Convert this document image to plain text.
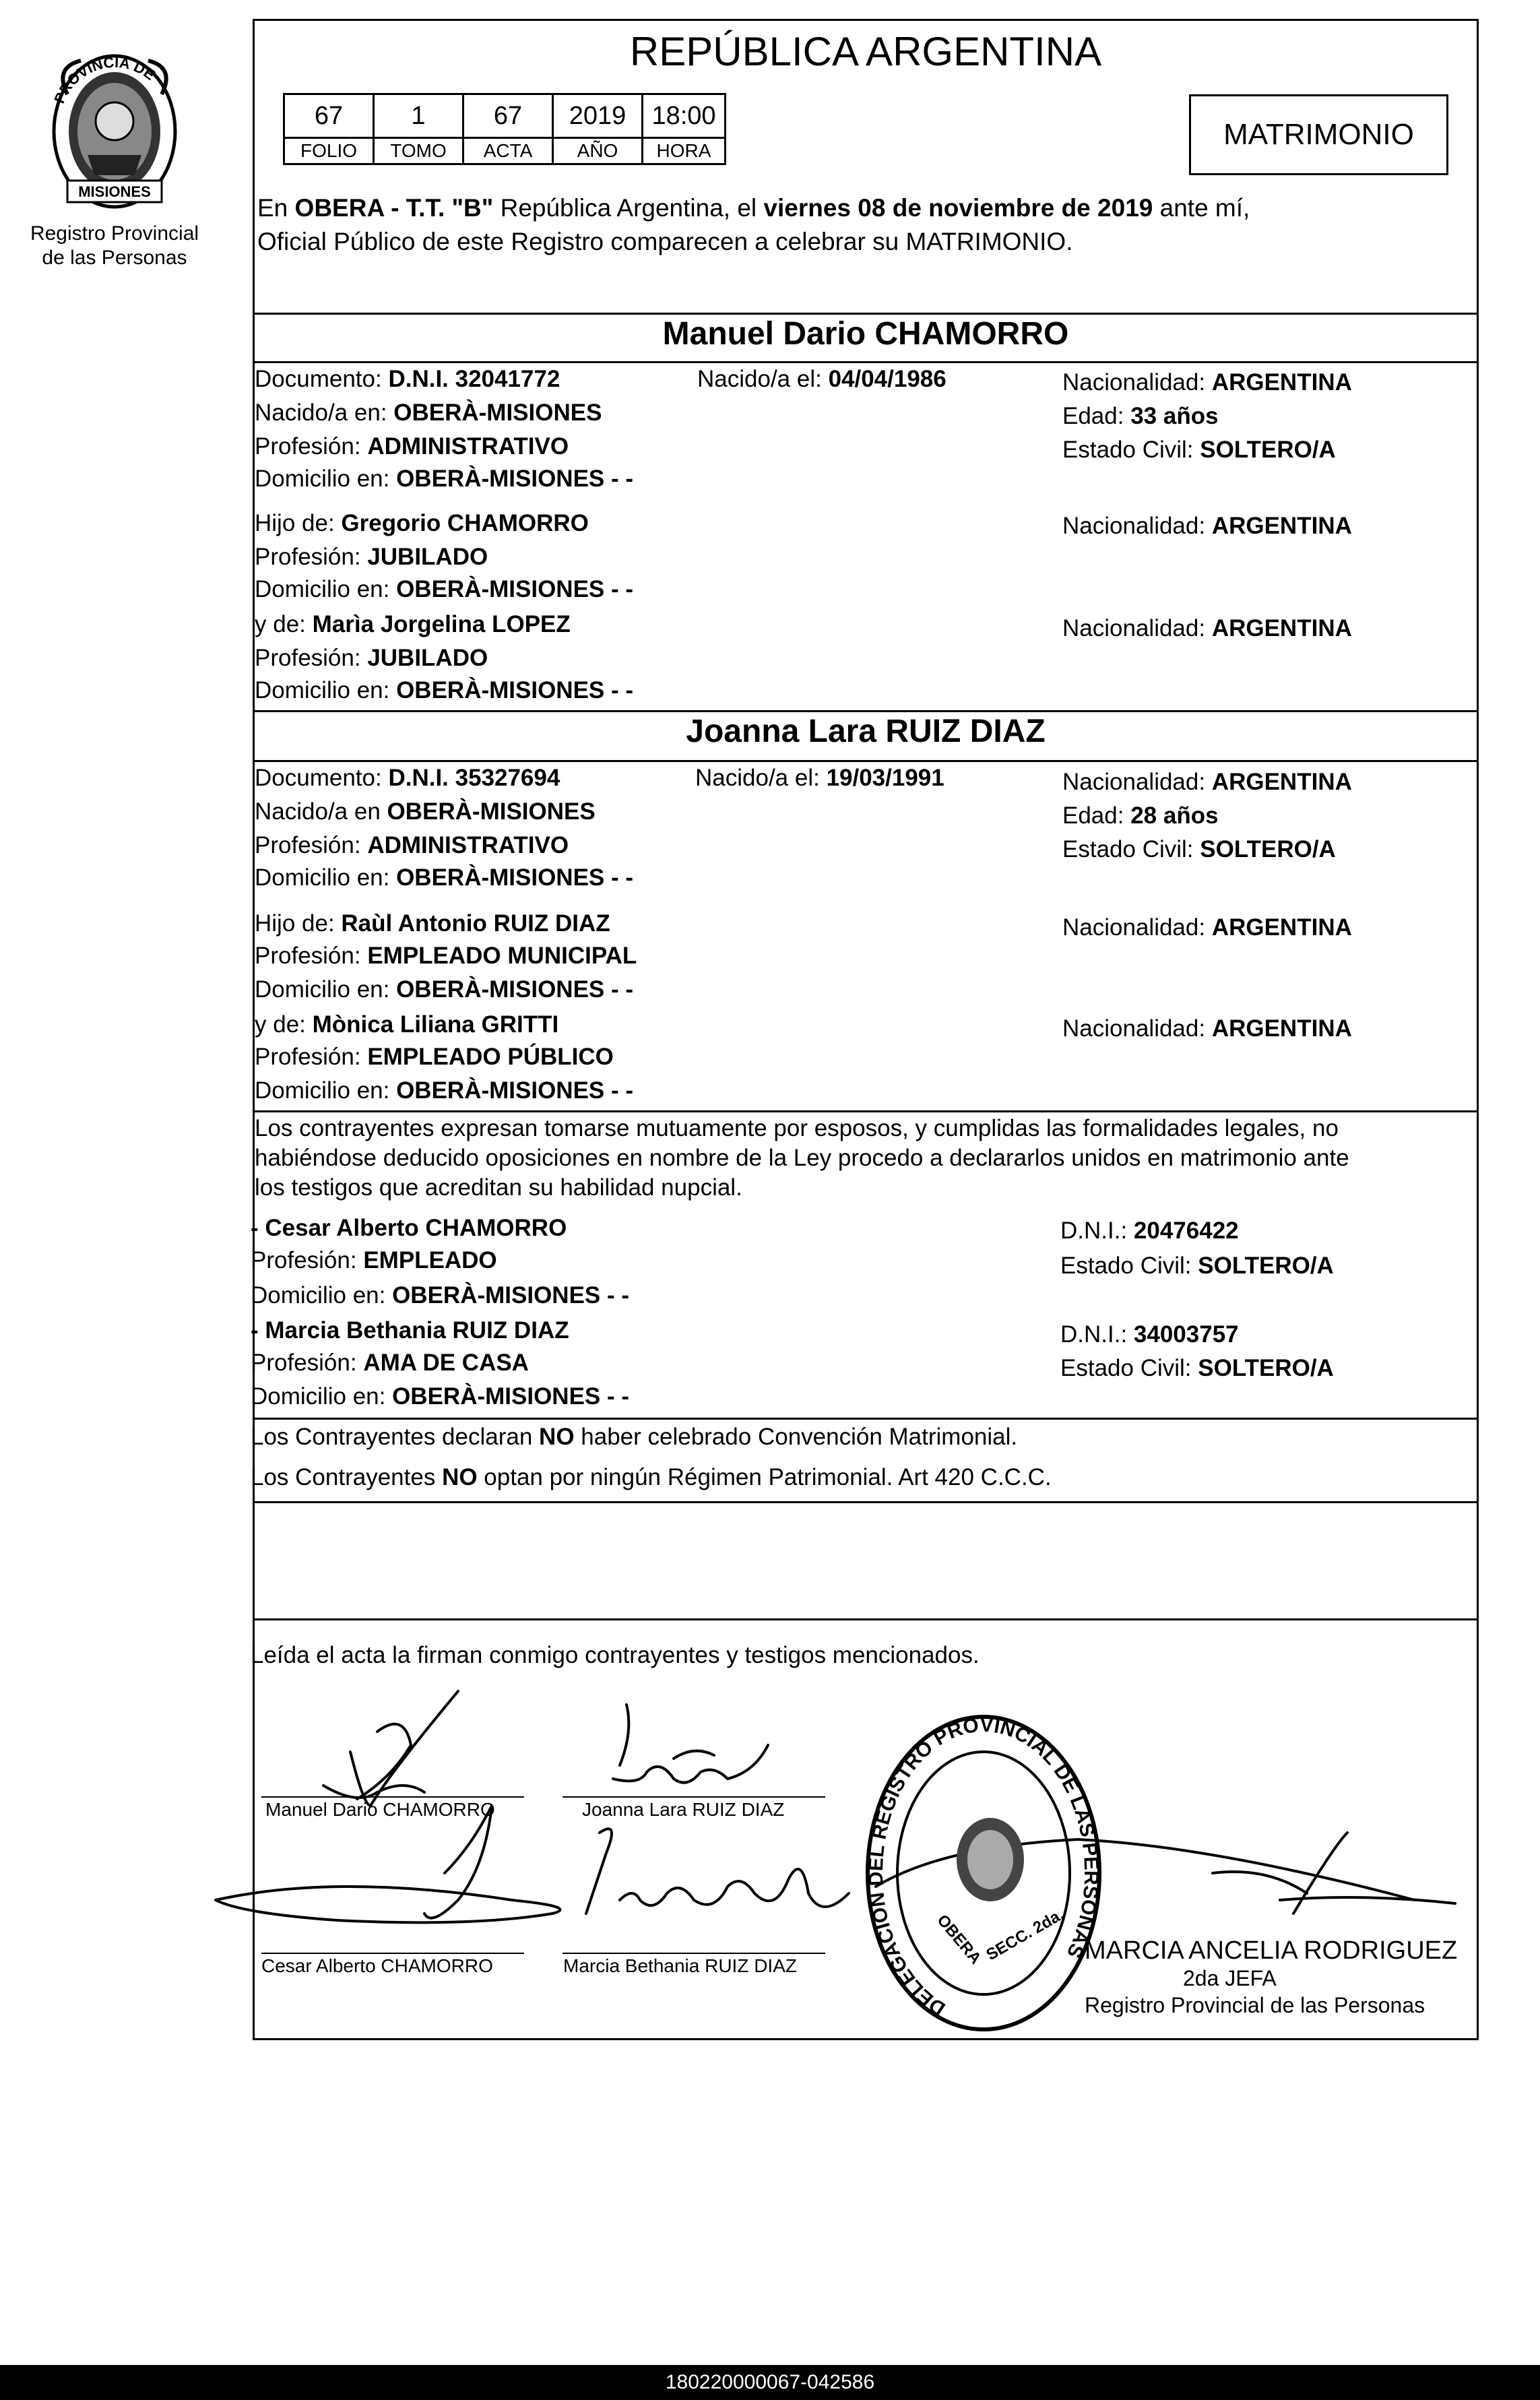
PROVINCIA DE
MISIONES
Registro Provincial
de las Personas
REPÚBLICA ARGENTINA
67	1	67	2019	18:00
FOLIO	TOMO	ACTA	AÑO	HORA	MATRIMONIO
En OBERA - T.T. "B" República Argentina, el viernes 08 de noviembre de 2019 ante mí,
Oficial Público de este Registro comparecen a celebrar su MATRIMONIO.
Manuel Dario CHAMORRO
Documento: D.N.I. 32041772	Nacido/a el: 04/04/1986	Nacionalidad: ARGENTINA
Nacido/a en: OBERÀ-MISIONES	Edad: 33 años
Profesión: ADMINISTRATIVO	Estado Civil: SOLTERO/A
Domicilio en: OBERÀ-MISIONES - -
Hijo de: Gregorio CHAMORRO	Nacionalidad: ARGENTINA
Profesión: JUBILADO
Domicilio en: OBERÀ-MISIONES - -
y de: Marìa Jorgelina LOPEZ	Nacionalidad: ARGENTINA
Profesión: JUBILADO
Domicilio en: OBERÀ-MISIONES - -
Joanna Lara RUIZ DIAZ
Documento: D.N.I. 35327694	Nacido/a el: 19/03/1991	Nacionalidad: ARGENTINA
Nacido/a en OBERÀ-MISIONES	Edad: 28 años
Profesión: ADMINISTRATIVO	Estado Civil: SOLTERO/A
Domicilio en: OBERÀ-MISIONES - -
Hijo de: Raùl Antonio RUIZ DIAZ	Nacionalidad: ARGENTINA
Profesión: EMPLEADO MUNICIPAL
Domicilio en: OBERÀ-MISIONES - -
y de: Mònica Liliana GRITTI	Nacionalidad: ARGENTINA
Profesión: EMPLEADO PÚBLICO
Domicilio en: OBERÀ-MISIONES - -
Los contrayentes expresan tomarse mutuamente por esposos, y cumplidas las formalidades legales, no
habiéndose deducido oposiciones en nombre de la Ley procedo a declararlos unidos en matrimonio ante
los testigos que acreditan su habilidad nupcial.
- Cesar Alberto CHAMORRO	D.N.I.: 20476422
Profesión: EMPLEADO	Estado Civil: SOLTERO/A
Domicilio en: OBERÀ-MISIONES - -
- Marcia Bethania RUIZ DIAZ	D.N.I.: 34003757
Profesión: AMA DE CASA	Estado Civil: SOLTERO/A
Domicilio en: OBERÀ-MISIONES - -
Los Contrayentes declaran NO haber celebrado Convención Matrimonial.
Los Contrayentes NO optan por ningún Régimen Patrimonial. Art 420 C.C.C.
Leída el acta la firman conmigo contrayentes y testigos mencionados.
Manuel Dario CHAMORRO	Joanna Lara RUIZ DIAZ
Cesar Alberto CHAMORRO	Marcia Bethania RUIZ DIAZ
DELEGACION DEL REGISTRO PROVINCIAL DE LAS PERSONAS
OBERA
SECC. 2da. MARCIA ANCELIA RODRIGUEZ
2da JEFA
Registro Provincial de las Personas
180220000067-042586
